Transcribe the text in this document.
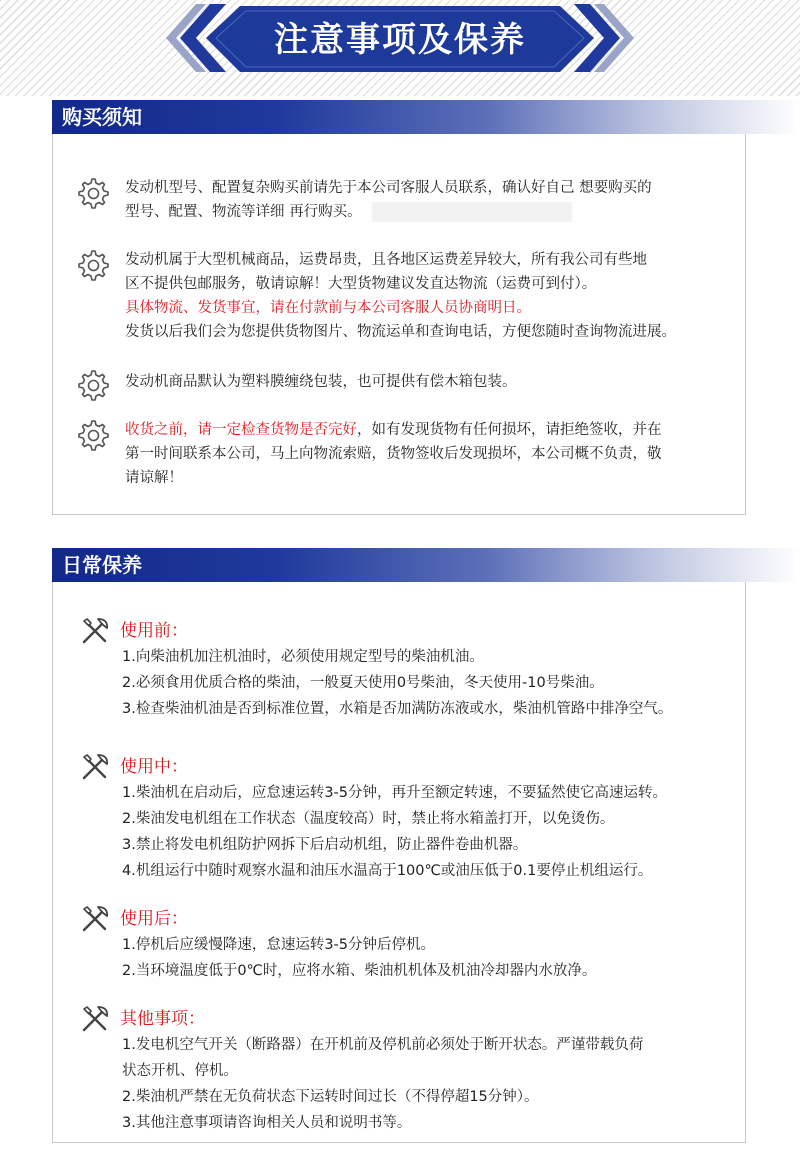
注意事项及保养
购买须知
发动机型号、配置复杂购买前请先于本公司客服人员联系，确认好自己 想要购买的
型号、配置、物流等详细 再行购买。
发动机属于大型机械商品，运费昂贵，且各地区运费差异较大，所有我公司有些地
区不提供包邮服务，敬请谅解！大型货物建议发直达物流（运费可到付）。
具体物流、发货事宜，请在付款前与本公司客服人员协商明日。
发货以后我们会为您提供货物图片、物流运单和查询电话，方便您随时查询物流进展。
发动机商品默认为塑料膜缠绕包装，也可提供有偿木箱包装。
收货之前，请一定检查货物是否完好，如有发现货物有任何损坏，请拒绝签收，并在
第一时间联系本公司，马上向物流索赔，货物签收后发现损坏，本公司概不负责，敬
请谅解！
日常保养
使用前：
1.向柴油机加注机油时，必须使用规定型号的柴油机油。
2.必须食用优质合格的柴油，一般夏天使用0号柴油，冬天使用-10号柴油。
3.检查柴油机油是否到标准位置，水箱是否加满防冻液或水，柴油机管路中排净空气。
使用中：
1.柴油机在启动后，应怠速运转3-5分钟，再升至额定转速，不要猛然使它高速运转。
2.柴油发电机组在工作状态（温度较高）时，禁止将水箱盖打开，以免烫伤。
3.禁止将发电机组防护网拆下后启动机组，防止器件卷曲机器。
4.机组运行中随时观察水温和油压水温高于100℃或油压低于0.1要停止机组运行。
使用后：
1.停机后应缓慢降速，怠速运转3-5分钟后停机。
2.当环境温度低于0℃时，应将水箱、柴油机机体及机油冷却器内水放净。
其他事项：
1.发电机空气开关（断路器）在开机前及停机前必须处于断开状态。严谨带载负荷
状态开机、停机。
2.柴油机严禁在无负荷状态下运转时间过长（不得停超15分钟）。
3.其他注意事项请咨询相关人员和说明书等。
